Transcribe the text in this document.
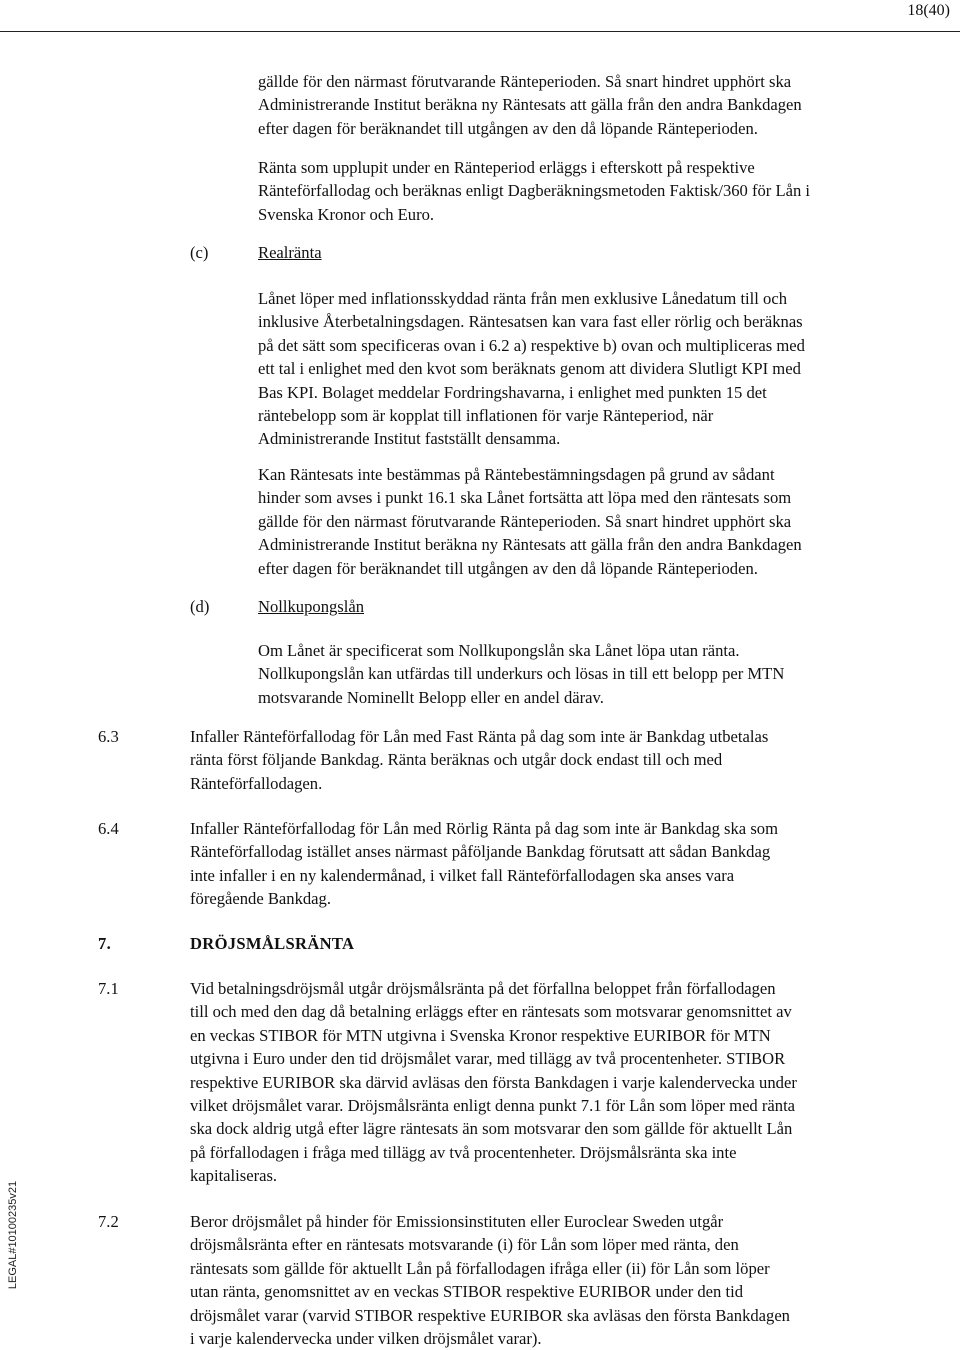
18(40)
LEGAL#10100235v21

gällde för den närmast förutvarande Ränteperioden. Så snart hindret upphört ska

Administrerande Institut beräkna ny Räntesats att gälla från den andra Bankdagen

efter dagen för beräknandet till utgången av den då löpande Ränteperioden.

Ränta som upplupit under en Ränteperiod erläggs i efterskott på respektive

Ränteförfallodag och beräknas enligt Dagberäkningsmetoden Faktisk/360 för Lån i

Svenska Kronor och Euro.

(c)	Realränta

Lånet löper med inflationsskyddad ränta från men exklusive Lånedatum till och

inklusive Återbetalningsdagen. Räntesatsen kan vara fast eller rörlig och beräknas

på det sätt som specificeras ovan i 6.2 a) respektive b) ovan och multipliceras med

ett tal i enlighet med den kvot som beräknats genom att dividera Slutligt KPI med

Bas KPI. Bolaget meddelar Fordringshavarna, i enlighet med punkten 15 det

räntebelopp som är kopplat till inflationen för varje Ränteperiod, när

Administrerande Institut fastställt densamma.

Kan Räntesats inte bestämmas på Räntebestämningsdagen på grund av sådant

hinder som avses i punkt 16.1 ska Lånet fortsätta att löpa med den räntesats som

gällde för den närmast förutvarande Ränteperioden. Så snart hindret upphört ska

Administrerande Institut beräkna ny Räntesats att gälla från den andra Bankdagen

efter dagen för beräknandet till utgången av den då löpande Ränteperioden.

(d)	Nollkupongslån

Om Lånet är specificerat som Nollkupongslån ska Lånet löpa utan ränta.

Nollkupongslån kan utfärdas till underkurs och lösas in till ett belopp per MTN

motsvarande Nominellt Belopp eller en andel därav.

6.3	Infaller Ränteförfallodag för Lån med Fast Ränta på dag som inte är Bankdag utbetalas
ränta först följande Bankdag. Ränta beräknas och utgår dock endast till och med
Ränteförfallodagen.
6.4	Infaller Ränteförfallodag för Lån med Rörlig Ränta på dag som inte är Bankdag ska som
Ränteförfallodag istället anses närmast påföljande Bankdag förutsatt att sådan Bankdag
inte infaller i en ny kalendermånad, i vilket fall Ränteförfallodagen ska anses vara
föregående Bankdag.
7.	DRÖJSMÅLSRÄNTA
7.1	Vid betalningsdröjsmål utgår dröjsmålsränta på det förfallna beloppet från förfallodagen
till och med den dag då betalning erläggs efter en räntesats som motsvarar genomsnittet av
en veckas STIBOR för MTN utgivna i Svenska Kronor respektive EURIBOR för MTN
utgivna i Euro under den tid dröjsmålet varar, med tillägg av två procentenheter. STIBOR
respektive EURIBOR ska därvid avläsas den första Bankdagen i varje kalendervecka under
vilket dröjsmålet varar. Dröjsmålsränta enligt denna punkt 7.1 för Lån som löper med ränta
ska dock aldrig utgå efter lägre räntesats än som motsvarar den som gällde för aktuellt Lån
på förfallodagen i fråga med tillägg av två procentenheter. Dröjsmålsränta ska inte
kapitaliseras.
7.2	Beror dröjsmålet på hinder för Emissionsinstituten eller Euroclear Sweden utgår
dröjsmålsränta efter en räntesats motsvarande (i) för Lån som löper med ränta, den
räntesats som gällde för aktuellt Lån på förfallodagen ifråga eller (ii) för Lån som löper
utan ränta, genomsnittet av en veckas STIBOR respektive EURIBOR under den tid
dröjsmålet varar (varvid STIBOR respektive EURIBOR ska avläsas den första Bankdagen
i varje kalendervecka under vilken dröjsmålet varar).
